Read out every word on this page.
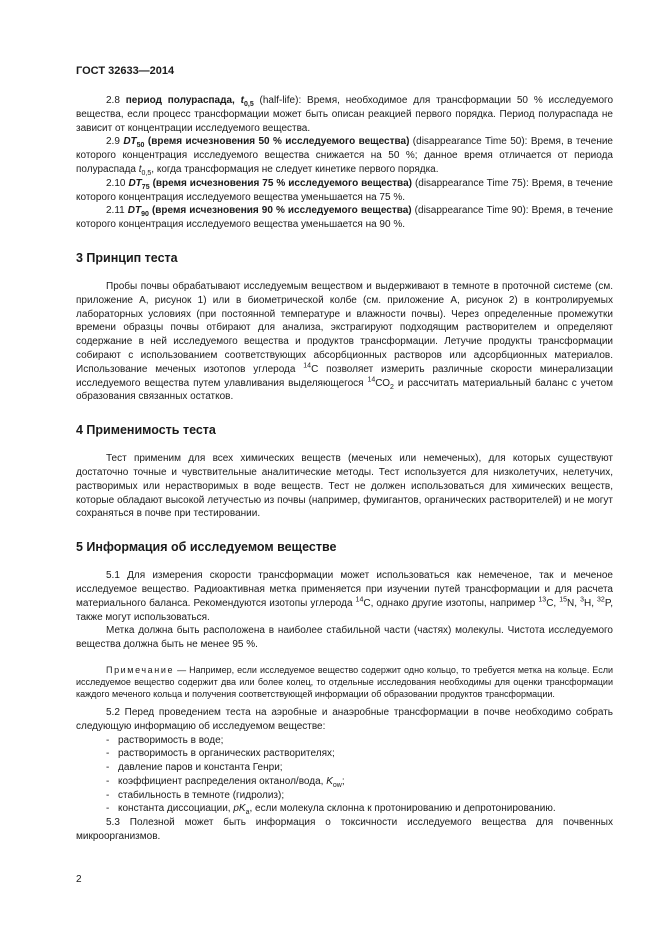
ГОСТ 32633—2014

2.8 период полураспада, $t_{0,5}$ (half-life): Время, необходимое для трансформации 50 % исследуемого вещества, если процесс трансформации может быть описан реакцией первого порядка. Период полураспада не зависит от концентрации исследуемого вещества.

2.9 $DT_{50}$ (время исчезновения 50 % исследуемого вещества) (disappearance Time 50): Время, в течение которого концентрация исследуемого вещества снижается на 50 %; данное время отличается от периода полураспада $t_{0,5}$, когда трансформация не следует кинетике первого порядка.

2.10 $DT_{75}$ (время исчезновения 75 % исследуемого вещества) (disappearance Time 75): Время, в течение которого концентрация исследуемого вещества уменьшается на 75 %.

2.11 $DT_{90}$ (время исчезновения 90 % исследуемого вещества) (disappearance Time 90): Время, в течение которого концентрация исследуемого вещества уменьшается на 90 %.

3 Принцип теста

Пробы почвы обрабатывают исследуемым веществом и выдерживают в темноте в проточной системе (см. приложение А, рисунок 1) или в биометрической колбе (см. приложение А, рисунок 2) в контролируемых лабораторных условиях (при постоянной температуре и влажности почвы). Через определенные промежутки времени образцы почвы отбирают для анализа, экстрагируют подходящим растворителем и определяют содержание в ней исследуемого вещества и продуктов трансформации. Летучие продукты трансформации собирают с использованием соответствующих абсорбционных растворов или адсорбционных материалов. Использование меченых изотопов углерода $^{14}$С позволяет измерить различные скорости минерализации исследуемого вещества путем улавливания выделяющегося $^{14}СО_2$ и рассчитать материальный баланс с учетом образования связанных остатков.

4 Применимость теста

Тест применим для всех химических веществ (меченых или немеченых), для которых существуют достаточно точные и чувствительные аналитические методы. Тест используется для низколетучих, нелетучих, растворимых или нерастворимых в воде веществ. Тест не должен использоваться для химических веществ, которые обладают высокой летучестью из почвы (например, фумигантов, органических растворителей) и не могут сохраняться в почве при тестировании.

5 Информация об исследуемом веществе

5.1 Для измерения скорости трансформации может использоваться как немеченое, так и меченое исследуемое вещество. Радиоактивная метка применяется при изучении путей трансформации и для расчета материального баланса. Рекомендуются изотопы углерода $^{14}$С, однако другие изотопы, например $^{13}$С, $^{15}$N, $^3$H, $^{32}$P, также могут использоваться.

Метка должна быть расположена в наиболее стабильной части (частях) молекулы. Чистота исследуемого вещества должна быть не менее 95 %.

Примечание — Например, если исследуемое вещество содержит одно кольцо, то требуется метка на кольце. Если исследуемое вещество содержит два или более колец, то отдельные исследования необходимы для оценки трансформации каждого меченого кольца и получения соответствующей информации об образовании продуктов трансформации.

5.2 Перед проведением теста на аэробные и анаэробные трансформации в почве необходимо собрать следующую информацию об исследуемом веществе:

- растворимость в воде;
- растворимость в органических растворителях;
- давление паров и константа Генри;
- коэффициент распределения октанол/вода, $K_{ow}$;
- стабильность в темноте (гидролиз);
- константа диссоциации, $pK_a$, если молекула склонна к протонированию и депротонированию.

5.3 Полезной может быть информация о токсичности исследуемого вещества для почвенных микроорганизмов.

2
